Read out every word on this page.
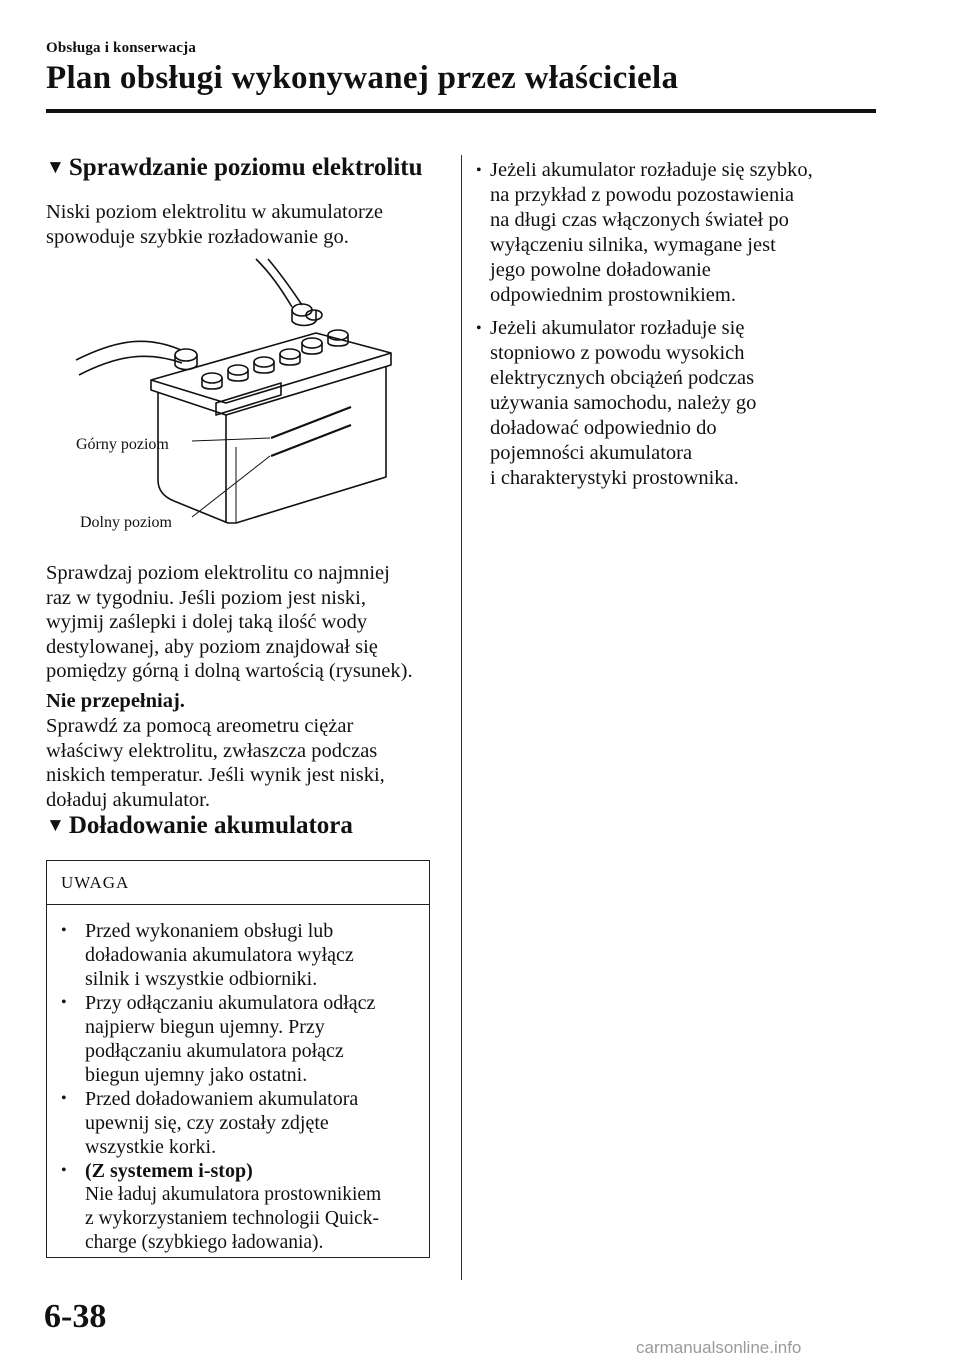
Obsługa i konserwacja
Plan obsługi wykonywanej przez właściciela
▼ Sprawdzanie poziomu elektrolitu
Niski poziom elektrolitu w akumulatorze
spowoduje szybkie rozładowanie go.
Górny poziom
Dolny poziom
Sprawdzaj poziom elektrolitu co najmniej
raz w tygodniu. Jeśli poziom jest niski,
wyjmij zaślepki i dolej taką ilość wody
destylowanej, aby poziom znajdował się
pomiędzy górną i dolną wartością (rysunek).
Nie przepełniaj.
Sprawdź za pomocą areometru ciężar
właściwy elektrolitu, zwłaszcza podczas
niskich temperatur. Jeśli wynik jest niski,
doładuj akumulator.
▼ Doładowanie akumulatora
UWAGA
• Przed wykonaniem obsługi lub
doładowania akumulatora wyłącz
silnik i wszystkie odbiorniki.
• Przy odłączaniu akumulatora odłącz
najpierw biegun ujemny. Przy
podłączaniu akumulatora połącz
biegun ujemny jako ostatni.
• Przed doładowaniem akumulatora
upewnij się, czy zostały zdjęte
wszystkie korki.
• (Z systemem i-stop)
Nie ładuj akumulatora prostownikiem
z wykorzystaniem technologii Quick-
charge (szybkiego ładowania).
• Jeżeli akumulator rozładuje się szybko,
na przykład z powodu pozostawienia
na długi czas włączonych świateł po
wyłączeniu silnika, wymagane jest
jego powolne doładowanie
odpowiednim prostownikiem.
• Jeżeli akumulator rozładuje się
stopniowo z powodu wysokich
elektrycznych obciążeń podczas
używania samochodu, należy go
doładować odpowiednio do
pojemności akumulatora
i charakterystyki prostownika.
6-38
carmanualsonline.info
